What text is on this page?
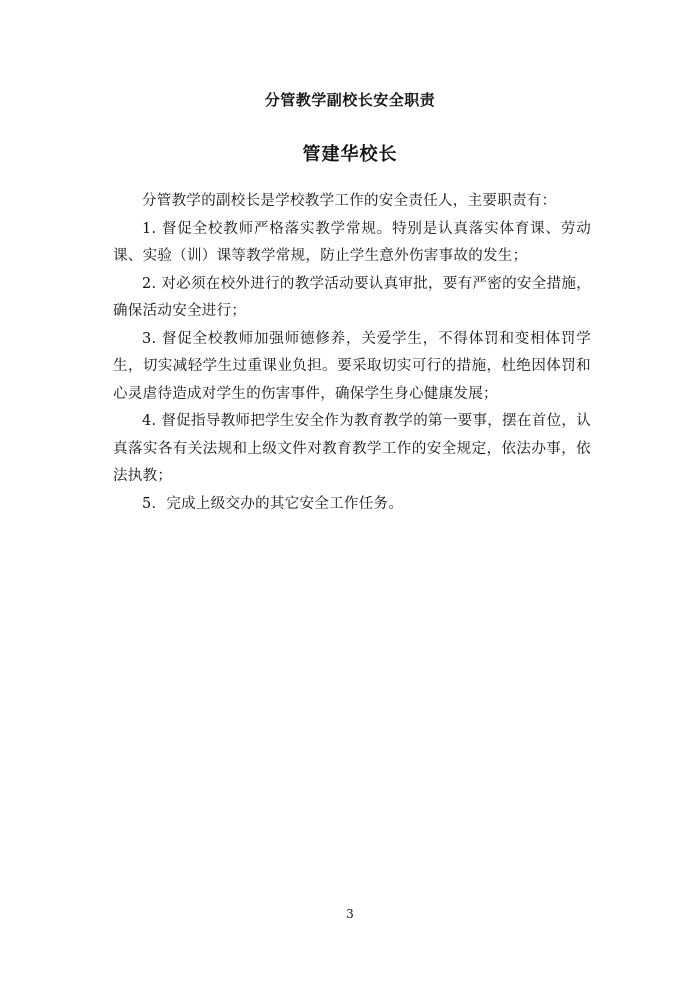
分管教学副校长安全职责
管建华校长

分管教学的副校长是学校教学工作的安全责任人，主要职责有：

1. 督促全校教师严格落实教学常规。特别是认真落实体育课、劳动课、实验（训）课等教学常规，防止学生意外伤害事故的发生；

2. 对必须在校外进行的教学活动要认真审批，要有严密的安全措施，确保活动安全进行；

3. 督促全校教师加强师德修养，关爱学生，不得体罚和变相体罚学生，切实减轻学生过重课业负担。要采取切实可行的措施，杜绝因体罚和心灵虐待造成对学生的伤害事件，确保学生身心健康发展；

4. 督促指导教师把学生安全作为教育教学的第一要事，摆在首位，认真落实各有关法规和上级文件对教育教学工作的安全规定，依法办事，依法执教；

5．完成上级交办的其它安全工作任务。

3
